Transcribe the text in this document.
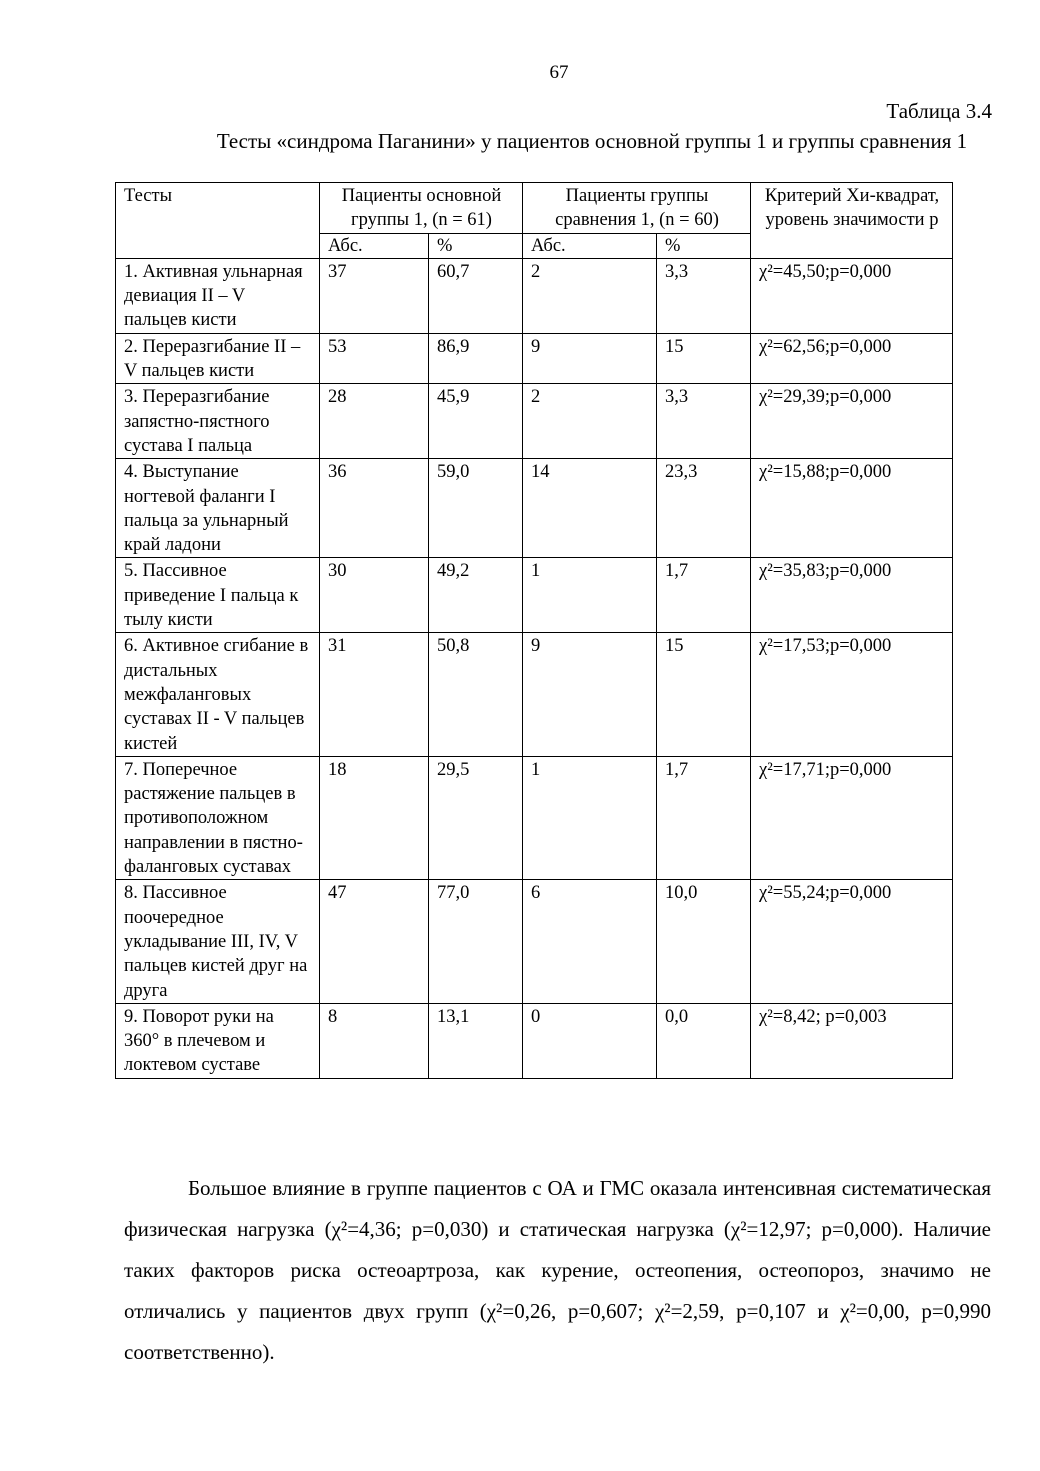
67
Таблица 3.4
Тесты «синдрома Паганини» у пациентов основной группы 1 и группы сравнения 1
Тесты	Пациенты основной группы 1, (n = 61)		Пациенты группы сравнения 1, (n = 60)		Критерий Хи-квадрат, уровень значимости р
	Абс.	%	Абс.	%	
1. Активная ульнарная девиация II – V пальцев кисти	37	60,7	2	3,3	χ²=45,50;р=0,000
2. Переразгибание II – V пальцев кисти	53	86,9	9	15	χ²=62,56;р=0,000
3. Переразгибание запястно-пястного сустава I пальца	28	45,9	2	3,3	χ²=29,39;р=0,000
4. Выступание ногтевой фаланги I пальца за ульнарный край ладони	36	59,0	14	23,3	χ²=15,88;р=0,000
5. Пассивное приведение I пальца к тылу кисти	30	49,2	1	1,7	χ²=35,83;р=0,000
6. Активное сгибание в дистальных межфаланговых суставах II - V пальцев кистей	31	50,8	9	15	χ²=17,53;р=0,000
7. Поперечное растяжение пальцев в противоположном направлении в пястно-фаланговых суставах	18	29,5	1	1,7	χ²=17,71;р=0,000
8. Пассивное поочередное укладывание III, IV, V пальцев кистей друг на друга	47	77,0	6	10,0	χ²=55,24;р=0,000
9. Поворот руки на 360° в плечевом и локтевом суставе	8	13,1	0	0,0	χ²=8,42; р=0,003

Большое влияние в группе пациентов с ОА и ГМС оказала интенсивная систематическая физическая нагрузка (χ²=4,36; р=0,030) и статическая нагрузка (χ²=12,97; р=0,000). Наличие таких факторов риска остеоартроза, как курение, остеопения, остеопороз, значимо не отличались у пациентов двух групп (χ²=0,26, р=0,607; χ²=2,59, р=0,107 и χ²=0,00, р=0,990 соответственно).
